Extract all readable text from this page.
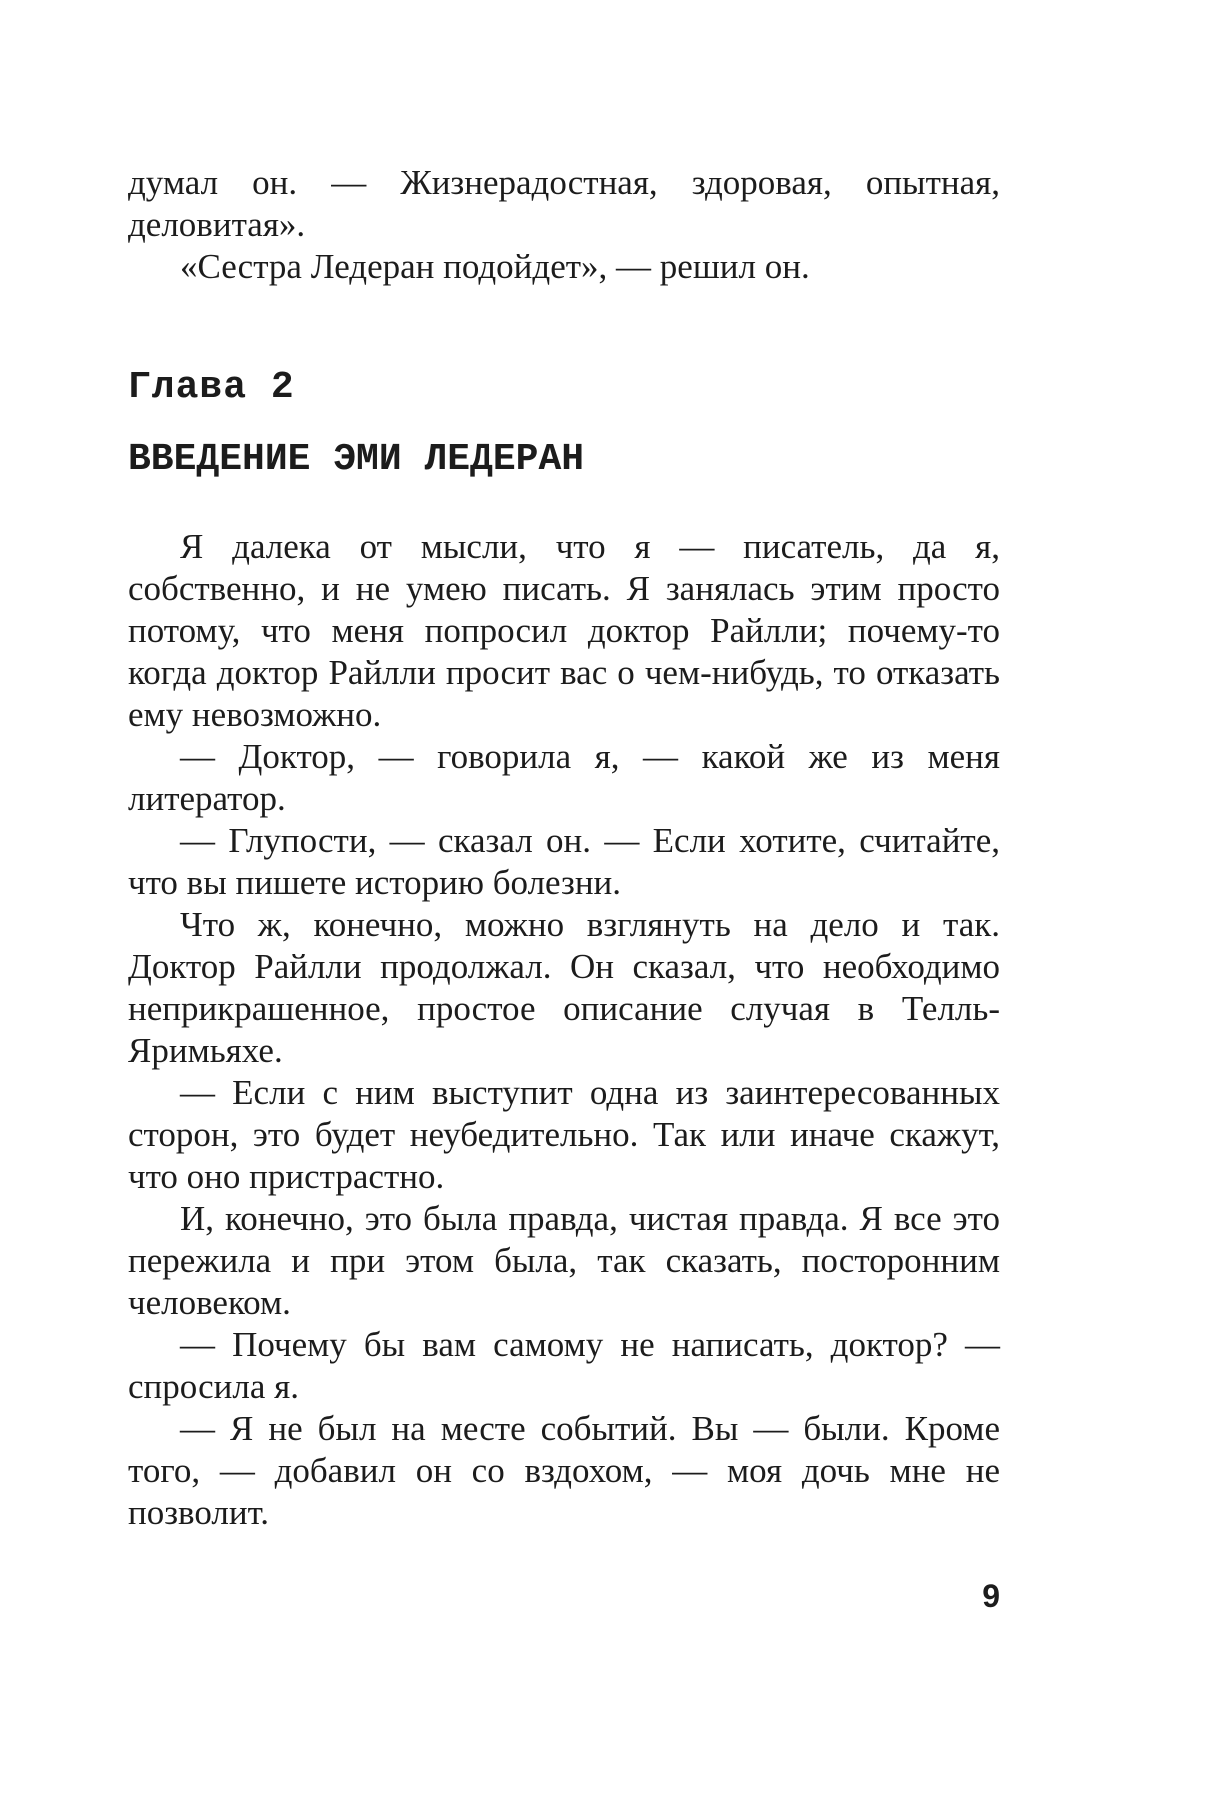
думал он. — Жизнерадостная, здоровая, опытная, деловитая».

«Сестра Ледеран подойдет», — решил он.

Глава 2
ВВЕДЕНИЕ ЭМИ ЛЕДЕРАН

Я далека от мысли, что я — писатель, да я, собственно, и не умею писать. Я занялась этим просто потому, что меня попросил доктор Райлли; почему-то когда доктор Райлли просит вас о чем-нибудь, то отказать ему невозможно.

— Доктор, — говорила я, — какой же из меня литератор.

— Глупости, — сказал он. — Если хотите, считайте, что вы пишете историю болезни.

Что ж, конечно, можно взглянуть на дело и так. Доктор Райлли продолжал. Он сказал, что необходимо неприкрашенное, простое описание случая в Телль-Яримьяхе.

— Если с ним выступит одна из заинтересованных сторон, это будет неубедительно. Так или иначе скажут, что оно пристрастно.

И, конечно, это была правда, чистая правда. Я все это пережила и при этом была, так сказать, посторонним человеком.

— Почему бы вам самому не написать, доктор? — спросила я.

— Я не был на месте событий. Вы — были. Кроме того, — добавил он со вздохом, — моя дочь мне не позволит.

9
